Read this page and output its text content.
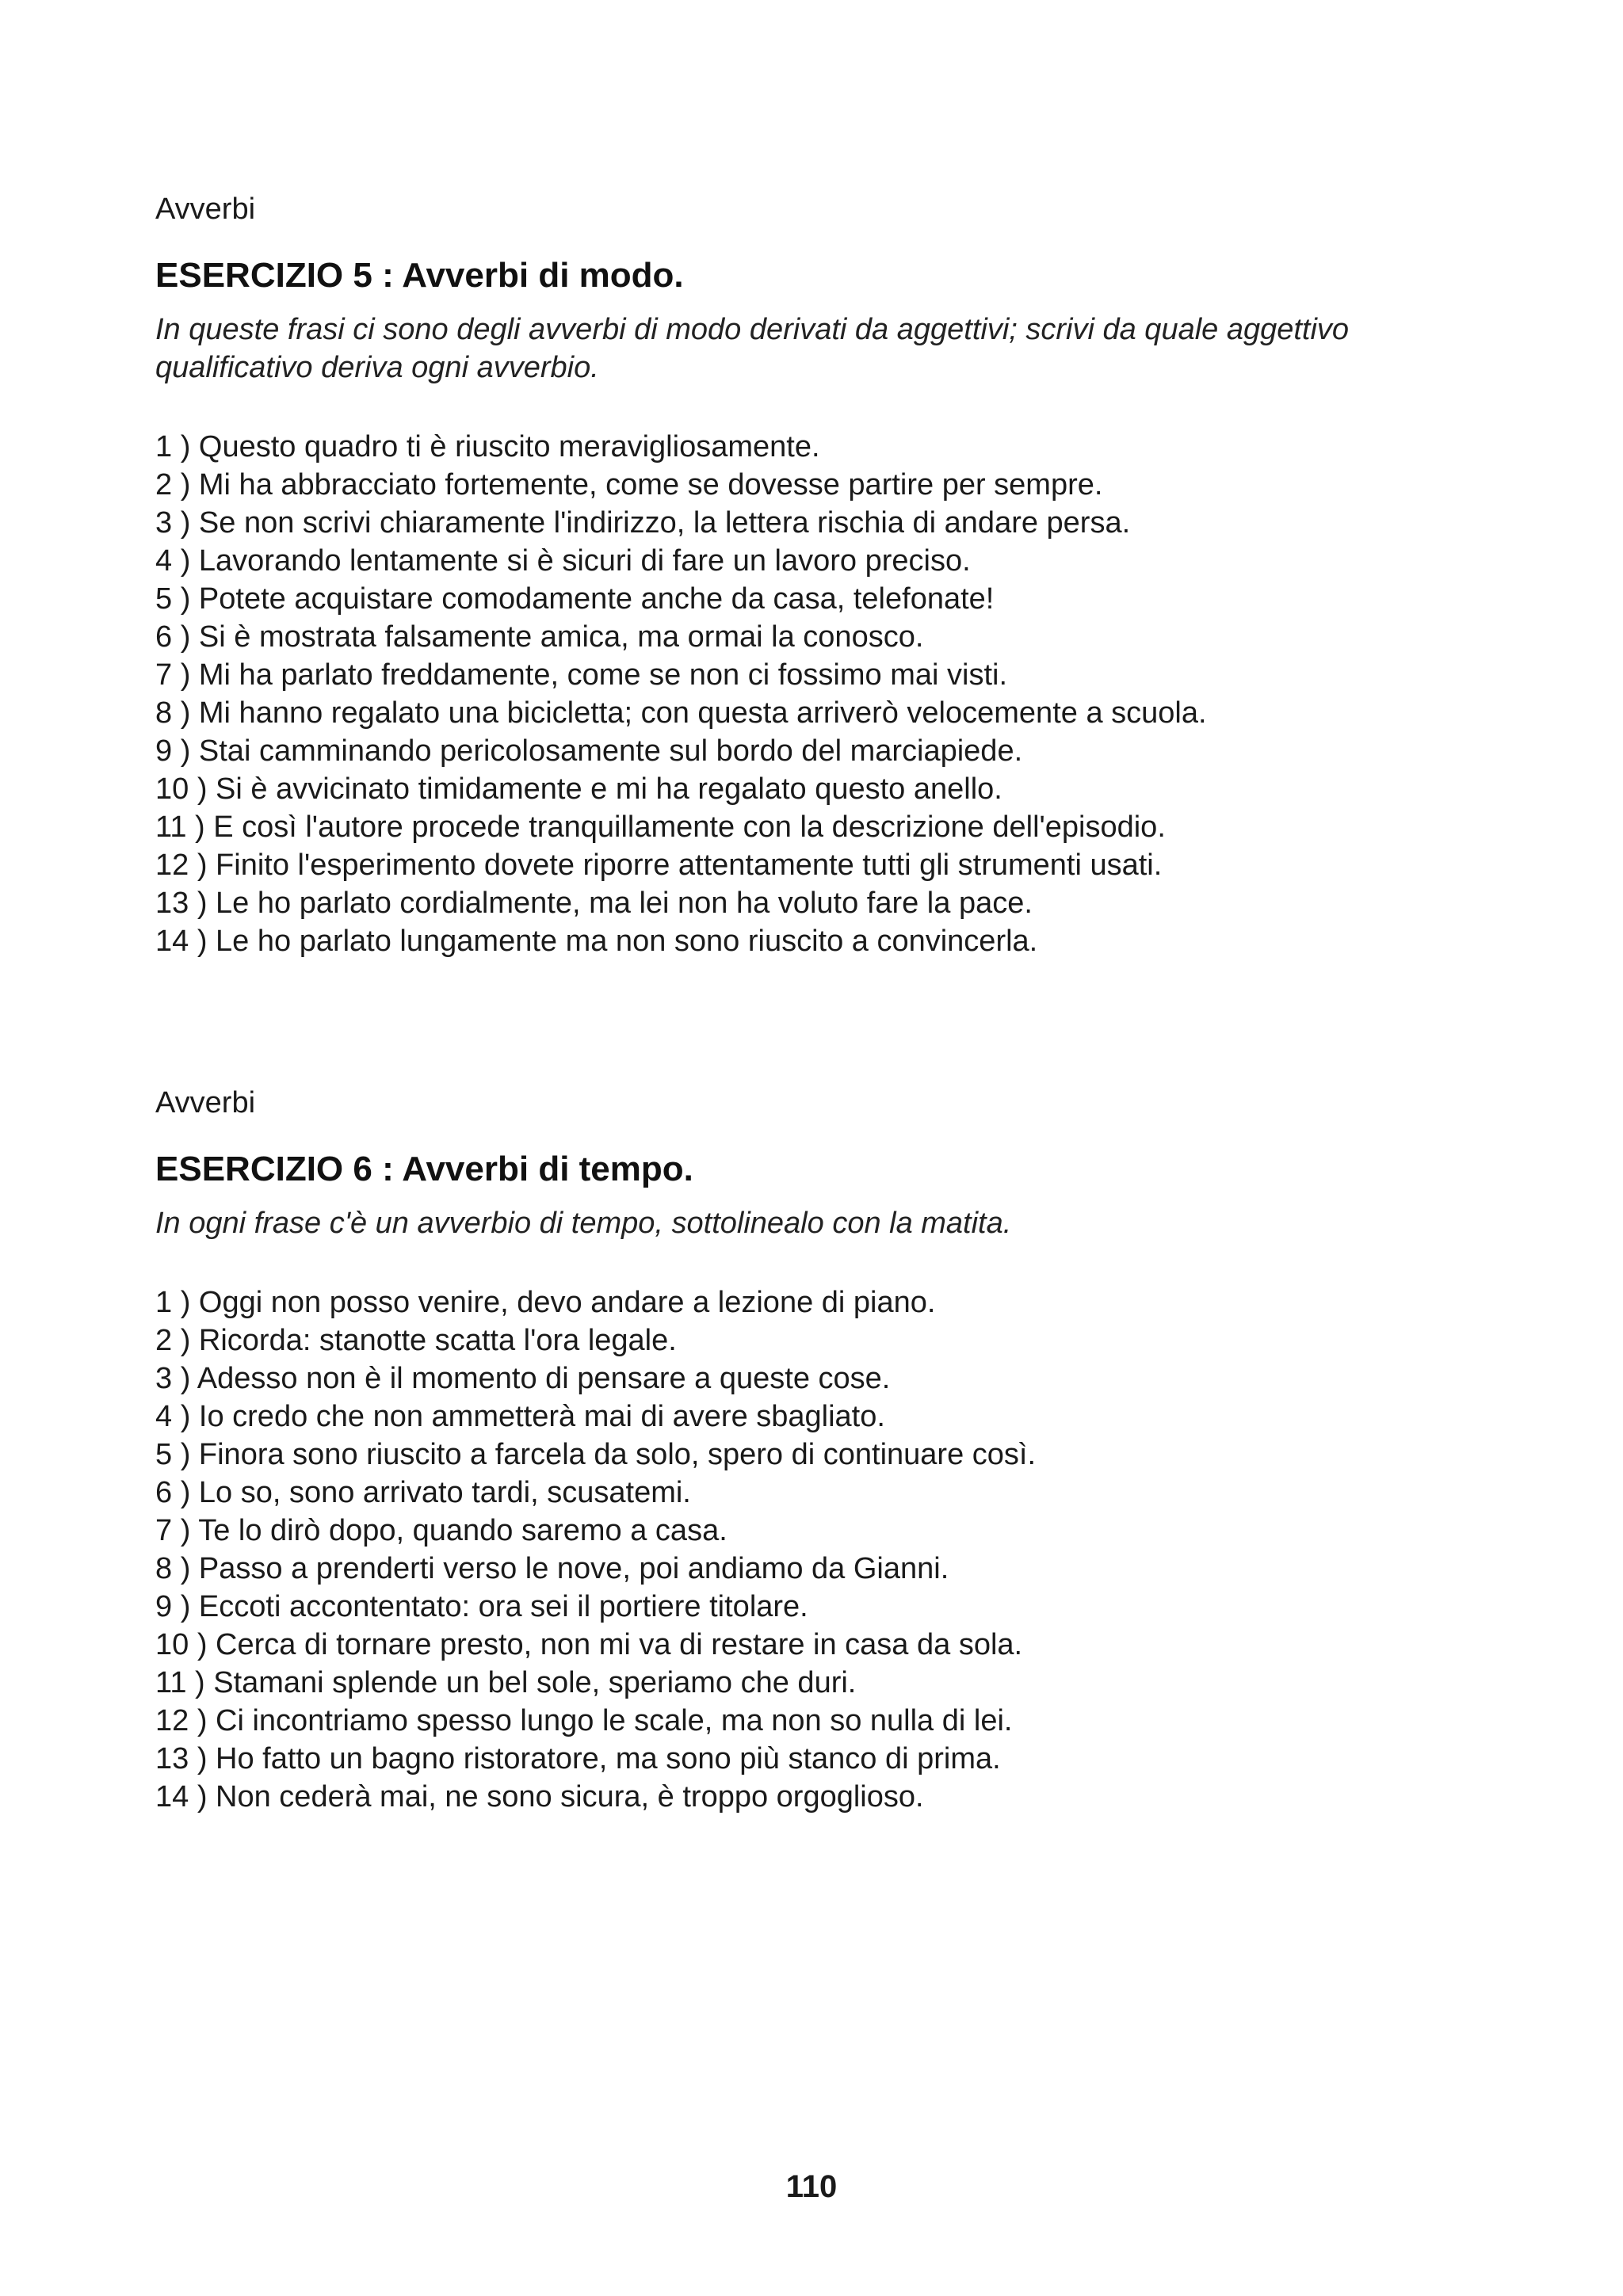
Avverbi

ESERCIZIO 5 : Avverbi di modo.

In queste frasi ci sono degli avverbi di modo derivati da aggettivi; scrivi da quale aggettivo qualificativo deriva ogni avverbio.

1 ) Questo quadro ti è riuscito meravigliosamente.
2 ) Mi ha abbracciato fortemente, come se dovesse partire per sempre.
3 ) Se non scrivi chiaramente l'indirizzo, la lettera rischia di andare persa.
4 ) Lavorando lentamente si è sicuri di fare un lavoro preciso.
5 ) Potete acquistare comodamente anche da casa, telefonate!
6 ) Si è mostrata falsamente amica, ma ormai la conosco.
7 ) Mi ha parlato freddamente, come se non ci fossimo mai visti.
8 ) Mi hanno regalato una bicicletta; con questa arriverò velocemente a scuola.
9 ) Stai camminando pericolosamente sul bordo del marciapiede.
10 ) Si è avvicinato timidamente e mi ha regalato questo anello.
11 ) E così l'autore procede tranquillamente con la descrizione dell'episodio.
12 ) Finito l'esperimento dovete riporre attentamente tutti gli strumenti usati.
13 ) Le ho parlato cordialmente, ma lei non ha voluto fare la pace.
14 ) Le ho parlato lungamente ma non sono riuscito a convincerla.

Avverbi

ESERCIZIO 6 : Avverbi di tempo.

In ogni frase c'è un avverbio di tempo, sottolinealo con la matita.

1 ) Oggi non posso venire, devo andare a lezione di piano.
2 ) Ricorda: stanotte scatta l'ora legale.
3 ) Adesso non è il momento di pensare a queste cose.
4 ) Io credo che non ammetterà mai di avere sbagliato.
5 ) Finora sono riuscito a farcela da solo, spero di continuare così.
6 ) Lo so, sono arrivato tardi, scusatemi.
7 ) Te lo dirò dopo, quando saremo a casa.
8 ) Passo a prenderti verso le nove, poi andiamo da Gianni.
9 ) Eccoti accontentato: ora sei il portiere titolare.
10 ) Cerca di tornare presto, non mi va di restare in casa da sola.
11 ) Stamani splende un bel sole, speriamo che duri.
12 ) Ci incontriamo spesso lungo le scale, ma non so nulla di lei.
13 ) Ho fatto un bagno ristoratore, ma sono più stanco di prima.
14 ) Non cederà mai, ne sono sicura, è troppo orgoglioso.
110
